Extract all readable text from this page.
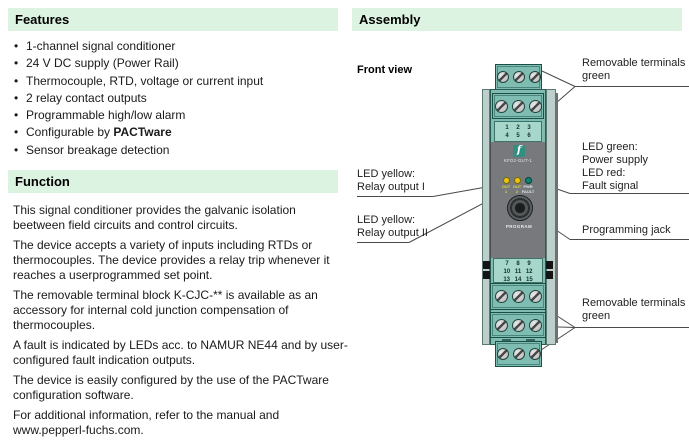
Features
• 1-channel signal conditioner
• 24 V DC supply (Power Rail)
• Thermocouple, RTD, voltage or current input
• 2 relay contact outputs
• Programmable high/low alarm
• Configurable by PACTware
• Sensor breakage detection
Function

This signal conditioner provides the galvanic isolation beetween field circuits and control circuits.

The device accepts a variety of inputs including RTDs or thermocouples. The device provides a relay trip whenever it reaches a userprogrammed set point.

The removable terminal block K-CJC-** is available as an accessory for internal cold junction compensation of thermocouples.

A fault is indicated by LEDs acc. to NAMUR NE44 and by user-configured fault indication outputs.

The device is easily configured by the use of the PACTware configuration software.

For additional information, refer to the manual and www.pepperl-fuchs.com.

Assembly
Front view
Removable terminals
green
LED yellow:
Relay output I
LED yellow:
Relay output II
LED green:
Power supply
LED red:
Fault signal
Programming jack
Removable terminals
green
1 2 3
4 5 6
f
KFD2-GUT-1
OUT
1
OUT
2
PWR
FAULT
PROGRAM
7 8 9
10 11 12
13 14 15
